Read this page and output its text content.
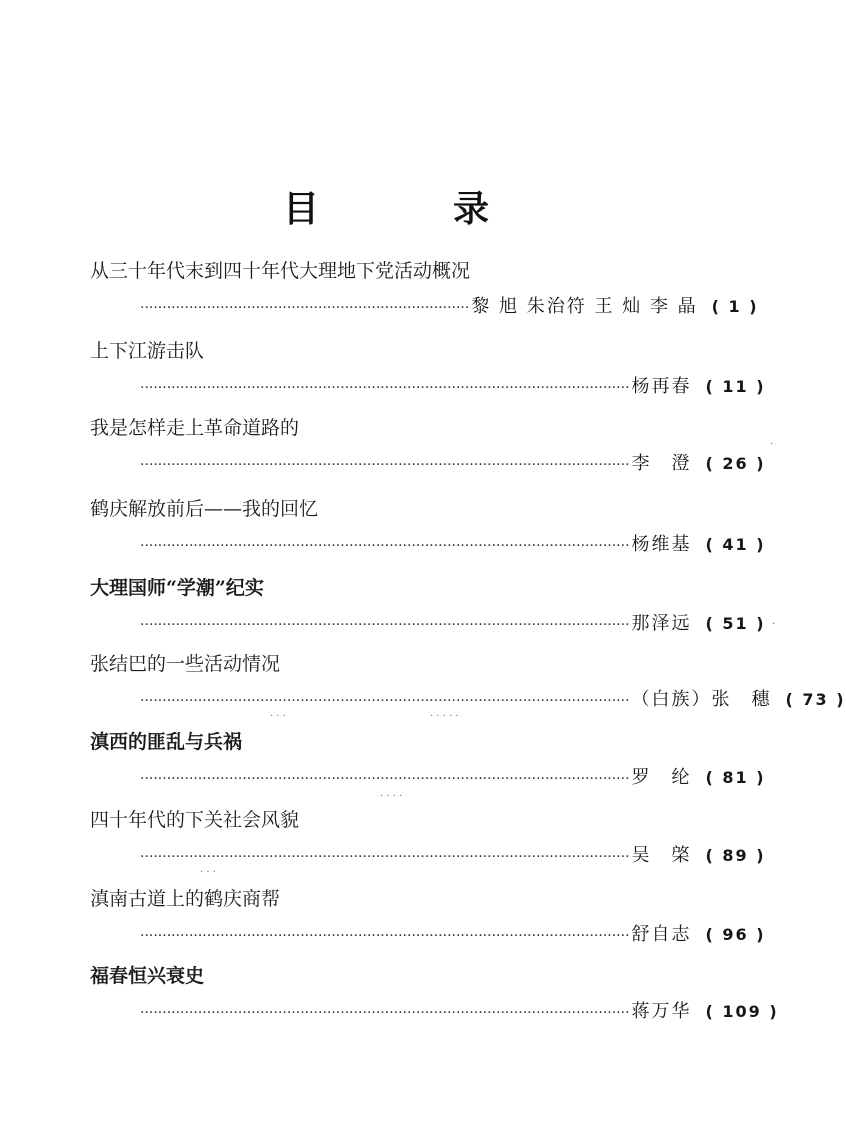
目	录
从三十年代末到四十年代大理地下党活动概况
·········································································· 黎 旭 朱治符 王 灿 李 晶 ( 1 )
上下江游击队
·············································································································· 杨再春 ( 11 )
我是怎样走上革命道路的
·············································································································· 李　澄 ( 26 )
鹤庆解放前后——我的回忆
·············································································································· 杨维基 ( 41 )
大理国师“学潮”纪实
·············································································································· 那泽远 ( 51 )
张结巴的一些活动情况
·············································································································· （白族）张　穗 ( 73 )
滇西的匪乱与兵祸
·············································································································· 罗　纶 ( 81 )
四十年代的下关社会风貌
·············································································································· 吴　棨 ( 89 )
滇南古道上的鹤庆商帮
·············································································································· 舒自志 ( 96 )
福春恒兴衰史
·············································································································· 蒋万华 ( 109 )
·
·
· · ·	· · · · ·
· · · ·
· · ·
